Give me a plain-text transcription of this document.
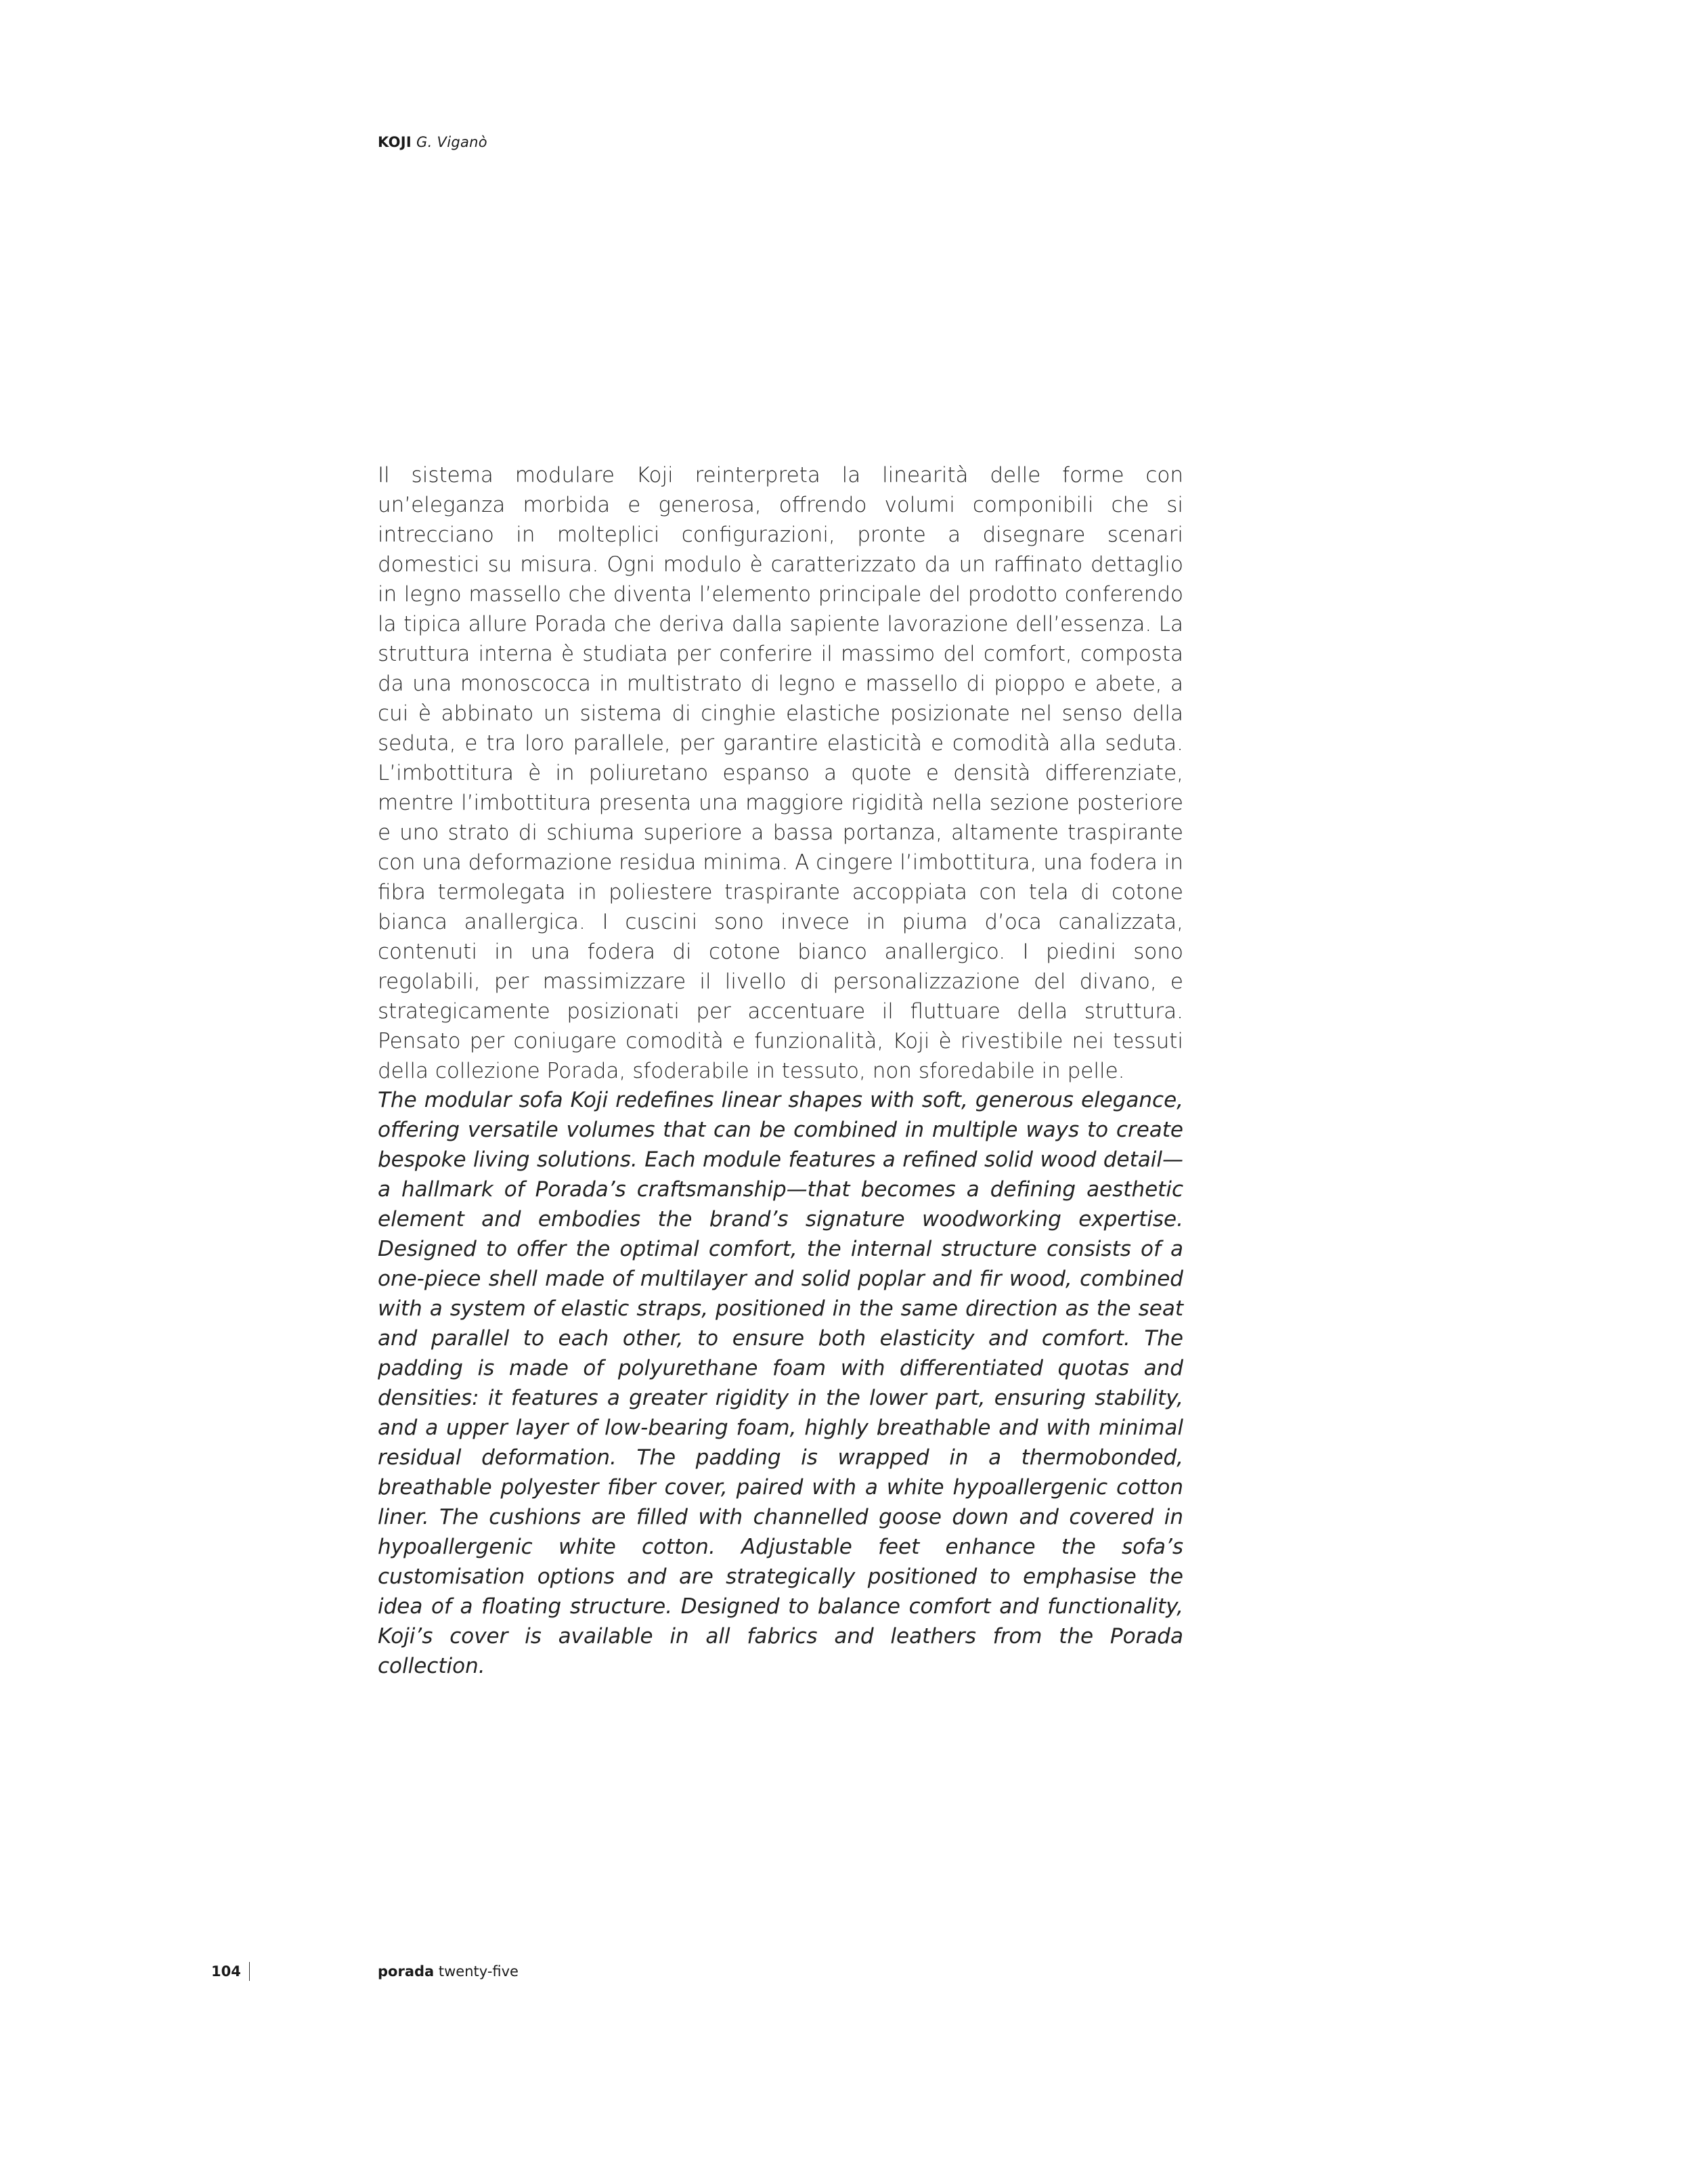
KOJI G. Viganò

Il sistema modulare Koji reinterpreta la linearità delle forme con un’eleganza morbida e generosa, offrendo volumi componibili che si intrecciano in molteplici configurazioni, pronte a disegnare scenari domestici su misura. Ogni modulo è caratterizzato da un raffinato dettaglio in legno massello che diventa l’elemento principale del prodotto conferendo la tipica allure Porada che deriva dalla sapiente lavorazione dell’essenza. La struttura interna è studiata per conferire il massimo del comfort, composta da una monoscocca in multistrato di legno e massello di pioppo e abete, a cui è abbinato un sistema di cinghie elastiche posizionate nel senso della seduta, e tra loro parallele, per garantire elasticità e comodità alla seduta. L’imbottitura è in poliuretano espanso a quote e densità differenziate, mentre l’imbottitura presenta una maggiore rigidità nella sezione posteriore e uno strato di schiuma superiore a bassa portanza, altamente traspirante con una deformazione residua minima. A cingere l’imbottitura, una fodera in fibra termolegata in poliestere traspirante accoppiata con tela di cotone bianca anallergica. I cuscini sono invece in piuma d’oca canalizzata, contenuti in una fodera di cotone bianco anallergico. I piedini sono regolabili, per massimizzare il livello di personalizzazione del divano, e strategicamente posizionati per accentuare il fluttuare della struttura. Pensato per coniugare comodità e funzionalità, Koji è rivestibile nei tessuti della collezione Porada, sfoderabile in tessuto, non sforedabile in pelle.

The modular sofa Koji redefines linear shapes with soft, generous elegance, offering versatile volumes that can be combined in multiple ways to create bespoke living solutions. Each module features a refined solid wood detail—a hallmark of Porada’s craftsmanship—that becomes a defining aesthetic element and embodies the brand’s signature woodworking expertise. Designed to offer the optimal comfort, the internal structure consists of a one-piece shell made of multilayer and solid poplar and fir wood, combined with a system of elastic straps, positioned in the same direction as the seat and parallel to each other, to ensure both elasticity and comfort. The padding is made of polyurethane foam with differentiated quotas and densities: it features a greater rigidity in the lower part, ensuring stability, and a upper layer of low-bearing foam, highly breathable and with minimal residual deformation. The padding is wrapped in a thermobonded, breathable polyester fiber cover, paired with a white hypoallergenic cotton liner. The cushions are filled with channelled goose down and covered in hypoallergenic white cotton. Adjustable feet enhance the sofa’s customisation options and are strategically positioned to emphasise the idea of a floating structure. Designed to balance comfort and functionality, Koji’s cover is available in all fabrics and leathers from the Porada collection.

104	porada twenty-five
